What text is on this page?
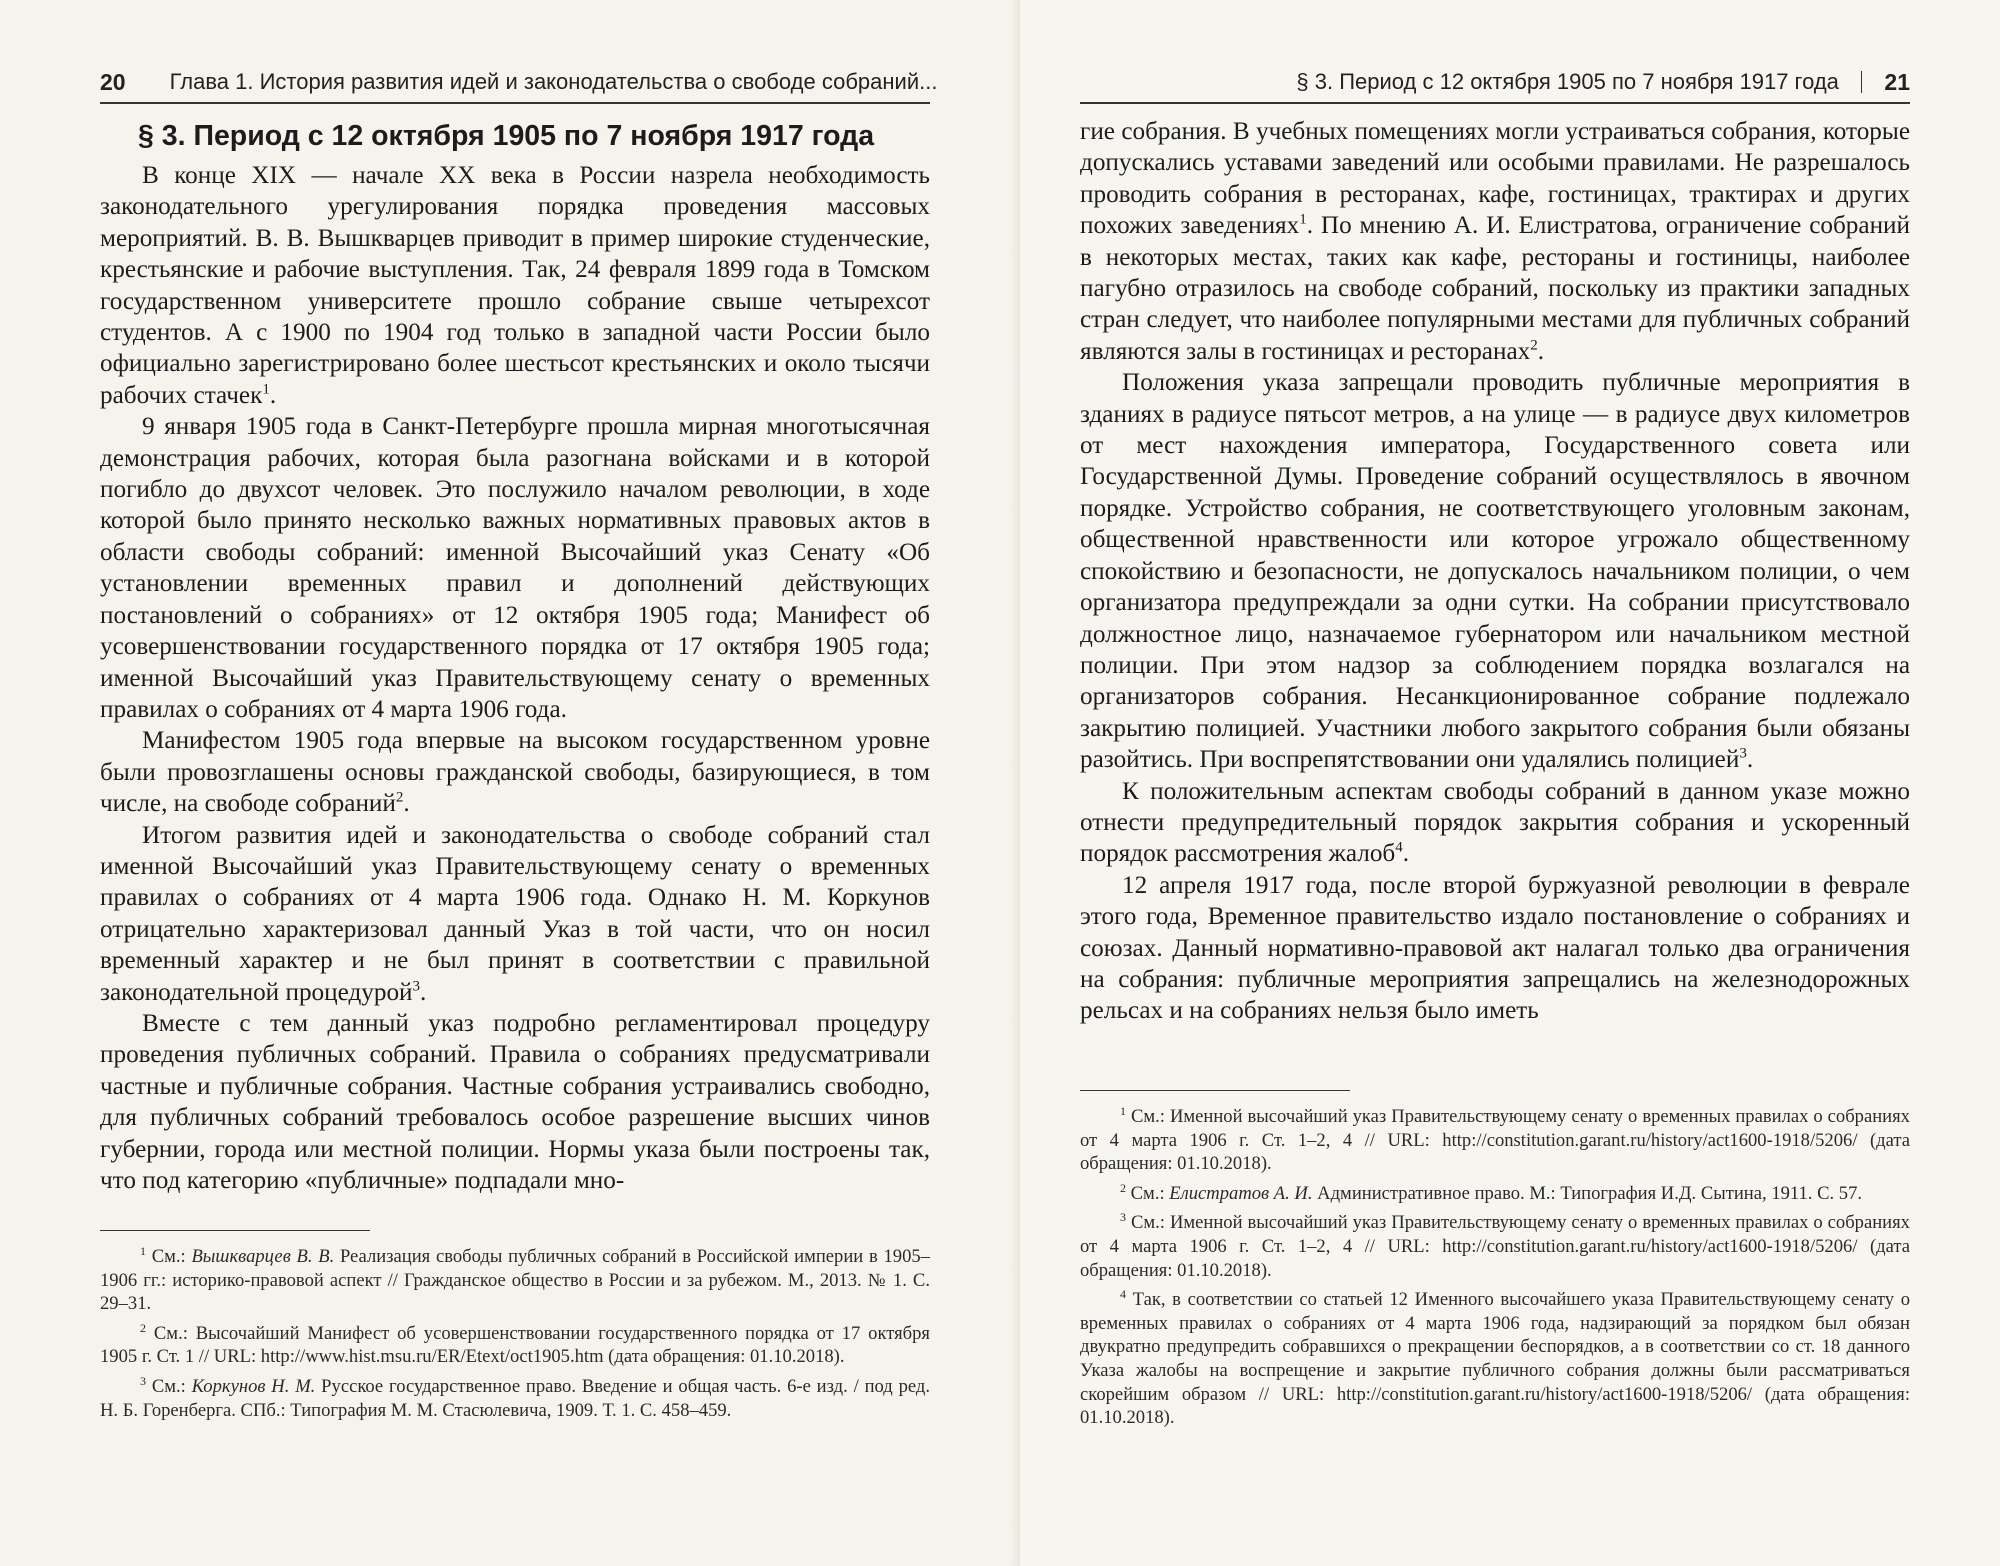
20 Глава 1. История развития идей и законодательства о свободе собраний...
§ 3. Период с 12 октября 1905 по 7 ноября 1917 года

В конце XIX — начале XX века в России назрела необходимость законодательного урегулирования порядка проведения массовых мероприятий. В. В. Вышкварцев приводит в пример широкие студенческие, крестьянские и рабочие выступления. Так, 24 февраля 1899 года в Томском государственном университете прошло собрание свыше четырехсот студентов. А с 1900 по 1904 год только в западной части России было официально зарегистрировано более шестьсот крестьянских и около тысячи рабочих стачек$^1$.

9 января 1905 года в Санкт-Петербурге прошла мирная многотысячная демонстрация рабочих, которая была разогнана войсками и в которой погибло до двухсот человек. Это послужило началом революции, в ходе которой было принято несколько важных нормативных правовых актов в области свободы собраний: именной Высочайший указ Сенату «Об установлении временных правил и дополнений действующих постановлений о собраниях» от 12 октября 1905 года; Манифест об усовершенствовании государственного порядка от 17 октября 1905 года; именной Высочайший указ Правительствующему сенату о временных правилах о собраниях от 4 марта 1906 года.

Манифестом 1905 года впервые на высоком государственном уровне были провозглашены основы гражданской свободы, базирующиеся, в том числе, на свободе собраний$^2$.

Итогом развития идей и законодательства о свободе собраний стал именной Высочайший указ Правительствующему сенату о временных правилах о собраниях от 4 марта 1906 года. Однако Н. М. Коркунов отрицательно характеризовал данный Указ в той части, что он носил временный характер и не был принят в соответствии с правильной законодательной процедурой$^3$.

Вместе с тем данный указ подробно регламентировал процедуру проведения публичных собраний. Правила о собраниях предусматривали частные и публичные собрания. Частные собрания устраивались свободно, для публичных собраний требовалось особое разрешение высших чинов губернии, города или местной полиции. Нормы указа были построены так, что под категорию «публичные» подпадали мно-

$^1$ См.: Вышкварцев В. В. Реализация свободы публичных собраний в Российской империи в 1905–1906 гг.: историко-правовой аспект // Гражданское общество в России и за рубежом. М., 2013. № 1. С. 29–31.

$^2$ См.: Высочайший Манифест об усовершенствовании государственного порядка от 17 октября 1905 г. Ст. 1 // URL: http://www.hist.msu.ru/ER/Etext/oct1905.htm (дата обращения: 01.10.2018).

$^3$ См.: Коркунов Н. М. Русское государственное право. Введение и общая часть. 6-е изд. / под ред. Н. Б. Горенберга. СПб.: Типография М. М. Стасюлевича, 1909. Т. 1. С. 458–459.

§ 3. Период с 12 октября 1905 по 7 ноября 1917 года 21

гие собрания. В учебных помещениях могли устраиваться собрания, которые допускались уставами заведений или особыми правилами. Не разрешалось проводить собрания в ресторанах, кафе, гостиницах, трактирах и других похожих заведениях$^1$. По мнению А. И. Елистратова, ограничение собраний в некоторых местах, таких как кафе, рестораны и гостиницы, наиболее пагубно отразилось на свободе собраний, поскольку из практики западных стран следует, что наиболее популярными местами для публичных собраний являются залы в гостиницах и ресторанах$^2$.

Положения указа запрещали проводить публичные мероприятия в зданиях в радиусе пятьсот метров, а на улице — в радиусе двух километров от мест нахождения императора, Государственного совета или Государственной Думы. Проведение собраний осуществлялось в явочном порядке. Устройство собрания, не соответствующего уголовным законам, общественной нравственности или которое угрожало общественному спокойствию и безопасности, не допускалось начальником полиции, о чем организатора предупреждали за одни сутки. На собрании присутствовало должностное лицо, назначаемое губернатором или начальником местной полиции. При этом надзор за соблюдением порядка возлагался на организаторов собрания. Несанкционированное собрание подлежало закрытию полицией. Участники любого закрытого собрания были обязаны разойтись. При воспрепятствовании они удалялись полицией$^3$.

К положительным аспектам свободы собраний в данном указе можно отнести предупредительный порядок закрытия собрания и ускоренный порядок рассмотрения жалоб$^4$.

12 апреля 1917 года, после второй буржуазной революции в феврале этого года, Временное правительство издало постановление о собраниях и союзах. Данный нормативно-правовой акт налагал только два ограничения на собрания: публичные мероприятия запрещались на железнодорожных рельсах и на собраниях нельзя было иметь

$^1$ См.: Именной высочайший указ Правительствующему сенату о временных правилах о собраниях от 4 марта 1906 г. Ст. 1–2, 4 // URL: http://constitution.garant.ru/history/act1600-1918/5206/ (дата обращения: 01.10.2018).

$^2$ См.: Елистратов А. И. Административное право. М.: Типография И.Д. Сытина, 1911. С. 57.

$^3$ См.: Именной высочайший указ Правительствующему сенату о временных правилах о собраниях от 4 марта 1906 г. Ст. 1–2, 4 // URL: http://constitution.garant.ru/history/act1600-1918/5206/ (дата обращения: 01.10.2018).

$^4$ Так, в соответствии со статьей 12 Именного высочайшего указа Правительствующему сенату о временных правилах о собраниях от 4 марта 1906 года, надзирающий за порядком был обязан двукратно предупредить собравшихся о прекращении беспорядков, а в соответствии со ст. 18 данного Указа жалобы на воспрещение и закрытие публичного собрания должны были рассматриваться скорейшим образом // URL: http://constitution.garant.ru/history/act1600-1918/5206/ (дата обращения: 01.10.2018).
